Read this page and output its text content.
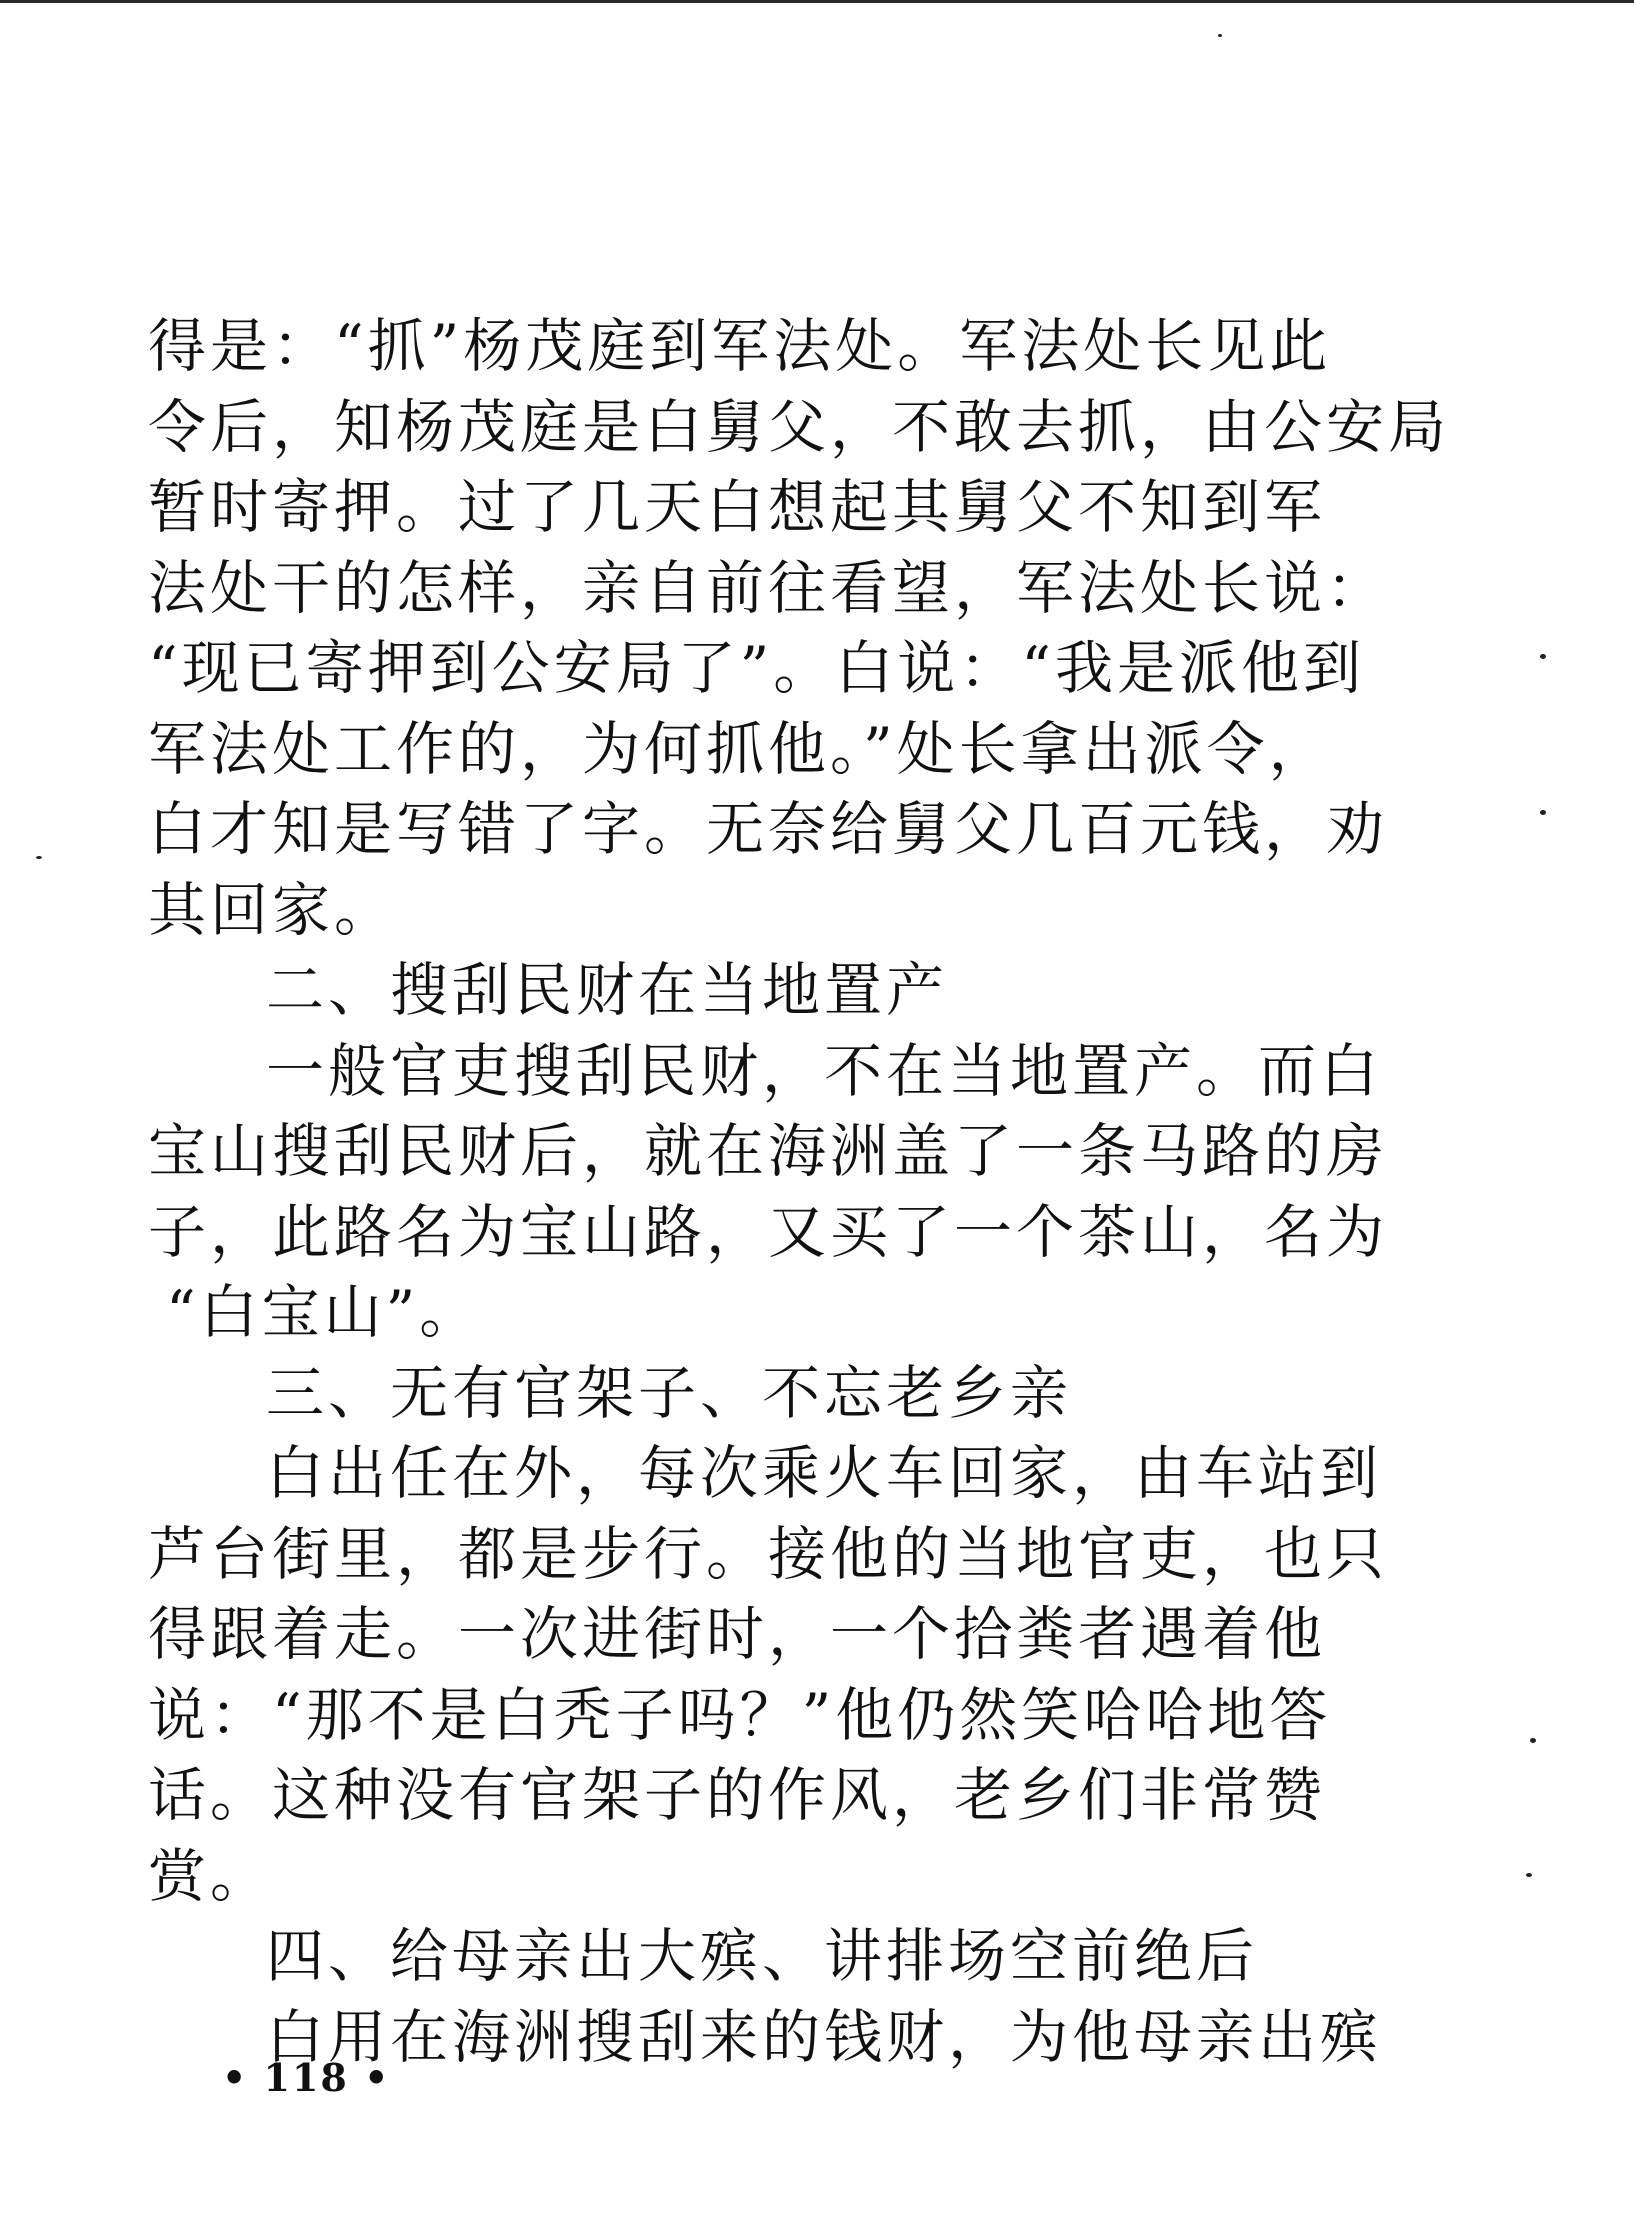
得是：“抓”杨茂庭到军法处。军法处长见此
令后，知杨茂庭是白舅父，不敢去抓，由公安局
暂时寄押。过了几天白想起其舅父不知到军
法处干的怎样，亲自前往看望，军法处长说：
“现已寄押到公安局了”。白说：“我是派他到
军法处工作的，为何抓他。”处长拿出派令，
白才知是写错了字。无奈给舅父几百元钱，劝
其回家。
二、搜刮民财在当地置产
一般官吏搜刮民财，不在当地置产。而白
宝山搜刮民财后，就在海洲盖了一条马路的房
子，此路名为宝山路，又买了一个茶山，名为
“白宝山”。
三、无有官架子、不忘老乡亲
白出任在外，每次乘火车回家，由车站到
芦台街里，都是步行。接他的当地官吏，也只
得跟着走。一次进街时，一个拾粪者遇着他
说：“那不是白秃子吗？”他仍然笑哈哈地答
话。这种没有官架子的作风，老乡们非常赞
赏。
四、给母亲出大殡、讲排场空前绝后
白用在海洲搜刮来的钱财，为他母亲出殡
• 118 •
